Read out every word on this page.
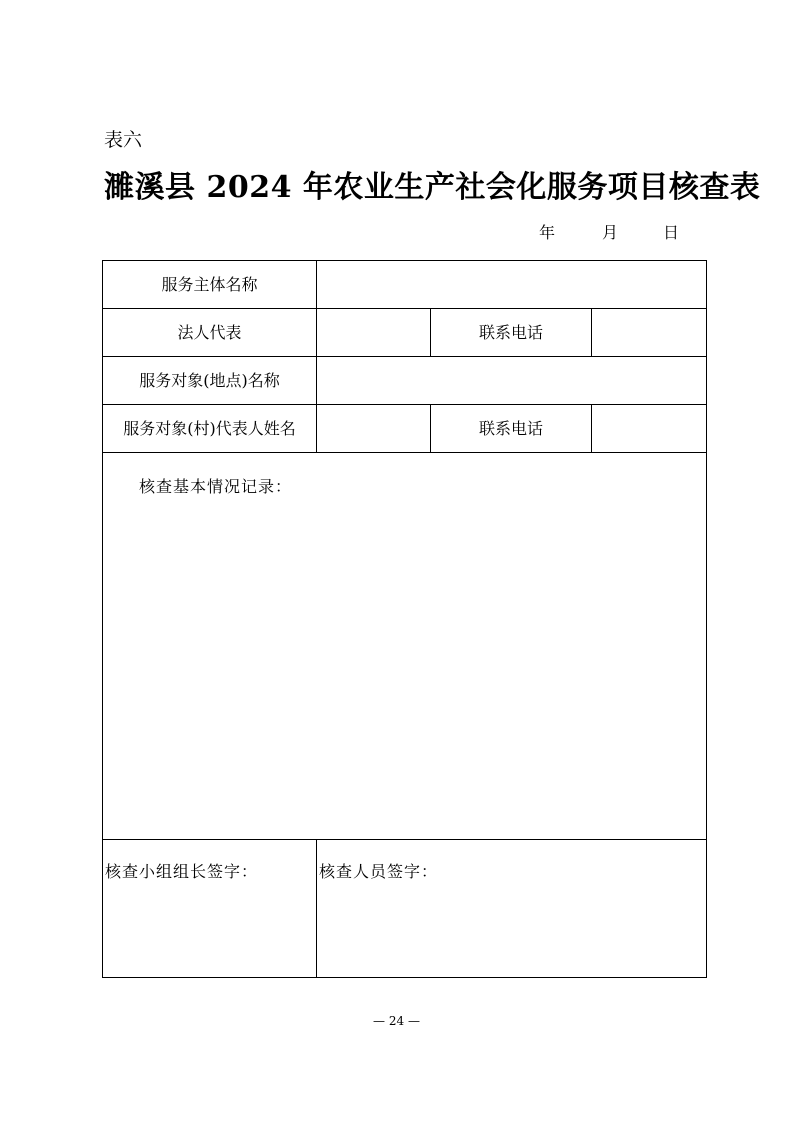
表六
濉溪县 2024 年农业生产社会化服务项目核查表
年	月	日
服务主体名称			
法人代表		联系电话	
服务对象(地点)名称			
服务对象(村)代表人姓名		联系电话	

核查基本情况记录：			

核查小组组长签字：	核查人员签字：		
— 24 —
